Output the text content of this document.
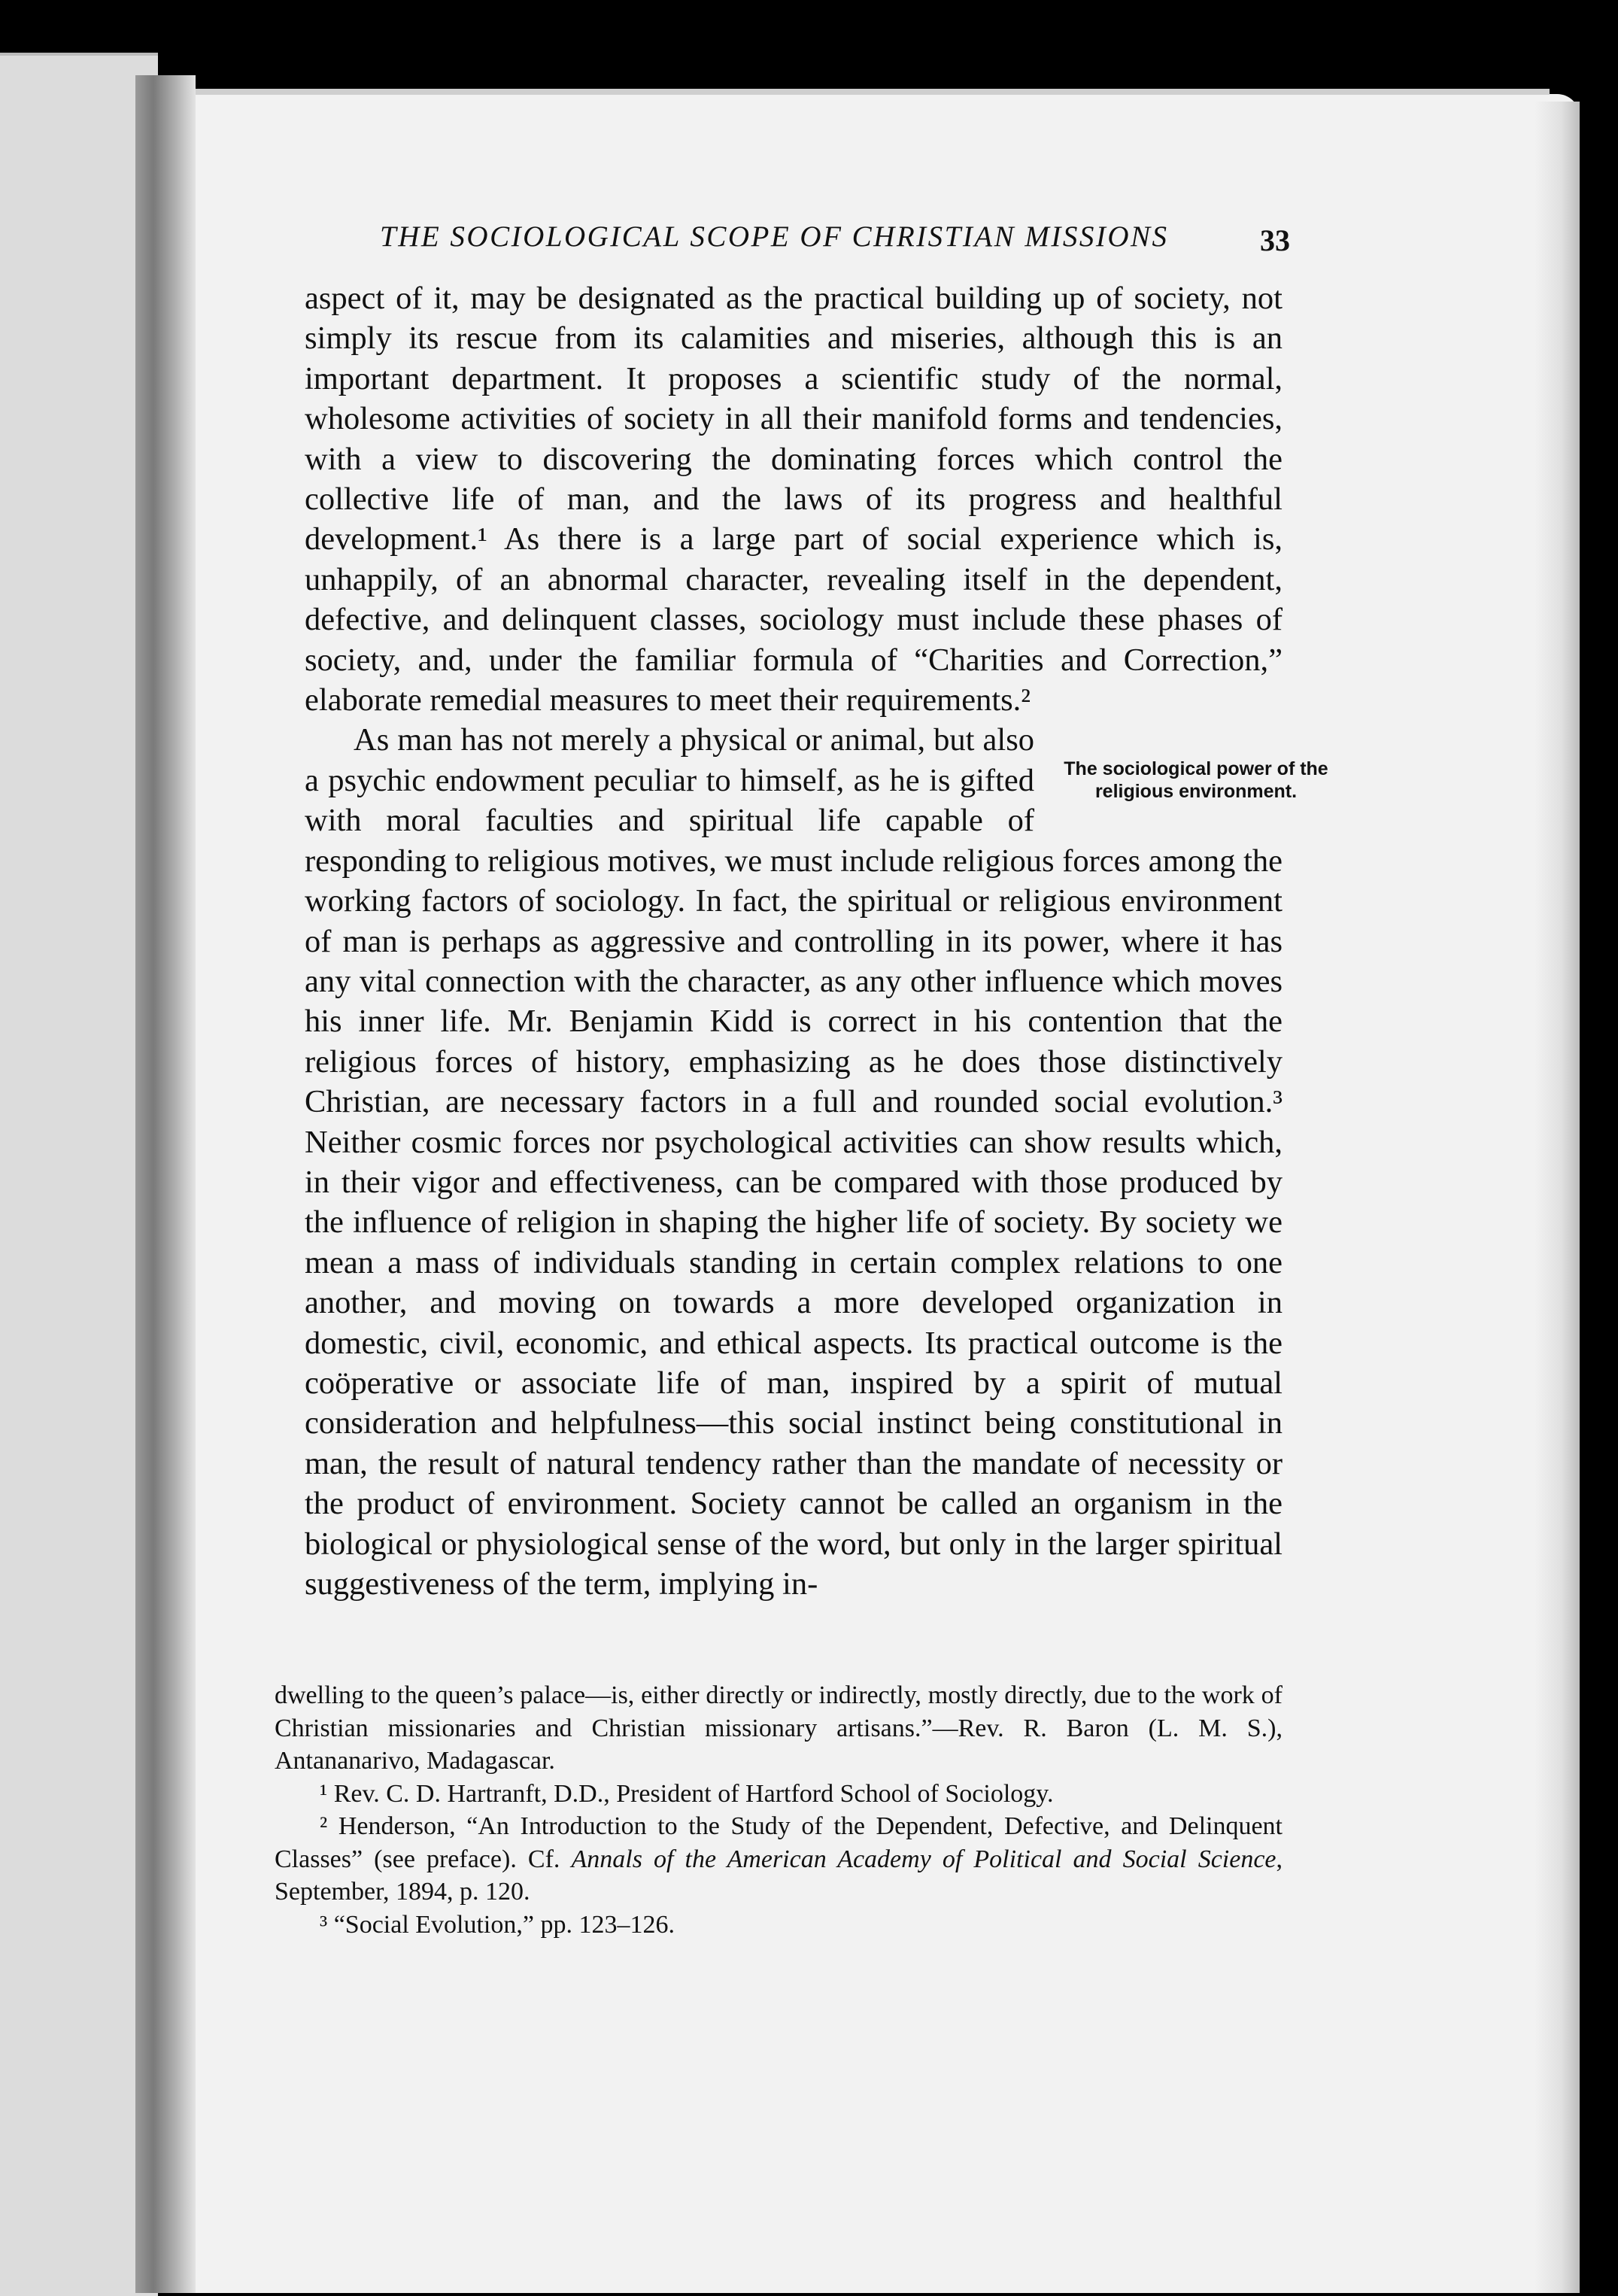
THE SOCIOLOGICAL SCOPE OF CHRISTIAN MISSIONS	33

aspect of it, may be designated as the practical building up of society, not simply its rescue from its calamities and miseries, although this is an important department. It proposes a scientific study of the normal, wholesome activities of society in all their manifold forms and tendencies, with a view to discovering the dominating forces which control the collective life of man, and the laws of its progress and healthful development.¹ As there is a large part of social experience which is, unhappily, of an abnormal character, revealing itself in the dependent, defective, and delinquent classes, sociology must include these phases of society, and, under the familiar formula of “Charities and Correction,” elaborate remedial measures to meet their requirements.²

The sociological power of the religious environment.
As man has not merely a physical or animal, but also a psychic endowment peculiar to himself, as he is gifted with moral faculties and spiritual life capable of responding to religious motives, we must include religious forces among the working factors of sociology. In fact, the spiritual or religious environment of man is perhaps as aggressive and controlling in its power, where it has any vital connection with the character, as any other influence which moves his inner life. Mr. Benjamin Kidd is correct in his contention that the religious forces of history, emphasizing as he does those distinctively Christian, are necessary factors in a full and rounded social evolution.³ Neither cosmic forces nor psychological activities can show results which, in their vigor and effectiveness, can be compared with those produced by the influence of religion in shaping the higher life of society. By society we mean a mass of individuals standing in certain complex relations to one another, and moving on towards a more developed organization in domestic, civil, economic, and ethical aspects. Its practical outcome is the coöperative or associate life of man, inspired by a spirit of mutual consideration and helpfulness—this social instinct being constitutional in man, the result of natural tendency rather than the mandate of necessity or the product of environment. Society cannot be called an organism in the biological or physiological sense of the word, but only in the larger spiritual suggestiveness of the term, implying in-

dwelling to the queen’s palace—is, either directly or indirectly, mostly directly, due to the work of Christian missionaries and Christian missionary artisans.”—Rev. R. Baron (L. M. S.), Antananarivo, Madagascar.

¹ Rev. C. D. Hartranft, D.D., President of Hartford School of Sociology.

² Henderson, “An Introduction to the Study of the Dependent, Defective, and Delinquent Classes” (see preface). Cf. Annals of the American Academy of Political and Social Science, September, 1894, p. 120.

³ “Social Evolution,” pp. 123–126.
